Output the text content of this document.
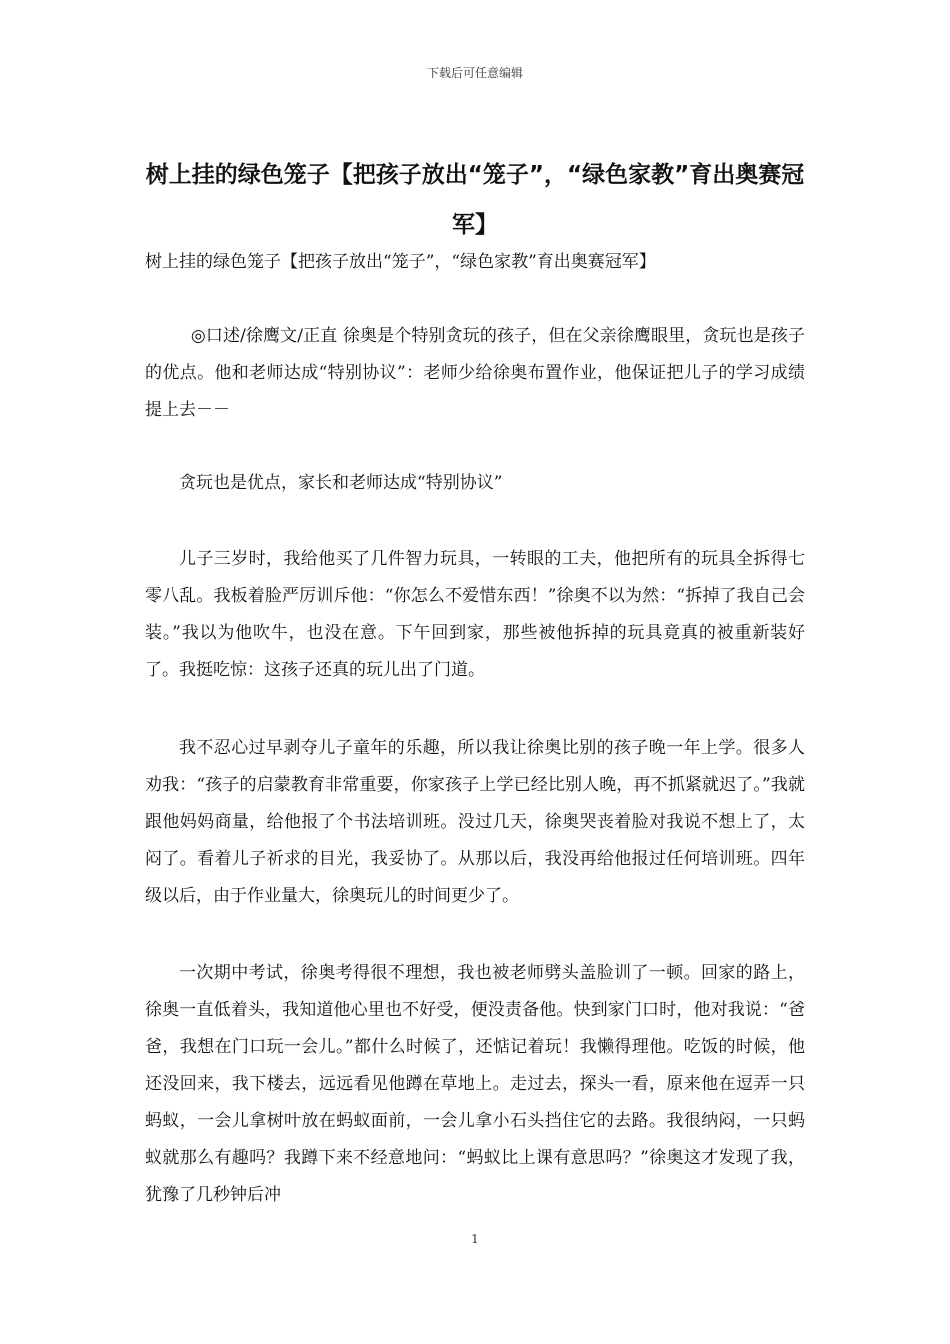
下载后可任意编辑
树上挂的绿色笼子【把孩子放出“笼子”，“绿色家教”育出奥赛冠军】
树上挂的绿色笼子【把孩子放出“笼子”，“绿色家教”育出奥赛冠军】
◎口述/徐鹰文/正直 徐奥是个特别贪玩的孩子，但在父亲徐鹰眼里，贪玩也是孩子的优点。他和老师达成“特别协议”：老师少给徐奥布置作业，他保证把儿子的学习成绩提上去－－
贪玩也是优点，家长和老师达成“特别协议”
儿子三岁时，我给他买了几件智力玩具，一转眼的工夫，他把所有的玩具全拆得七零八乱。我板着脸严厉训斥他：“你怎么不爱惜东西！”徐奥不以为然：“拆掉了我自己会装。”我以为他吹牛，也没在意。下午回到家，那些被他拆掉的玩具竟真的被重新装好了。我挺吃惊：这孩子还真的玩儿出了门道。
我不忍心过早剥夺儿子童年的乐趣，所以我让徐奥比别的孩子晚一年上学。很多人劝我：“孩子的启蒙教育非常重要，你家孩子上学已经比别人晚，再不抓紧就迟了。”我就跟他妈妈商量，给他报了个书法培训班。没过几天，徐奥哭丧着脸对我说不想上了，太闷了。看着儿子祈求的目光，我妥协了。从那以后，我没再给他报过任何培训班。四年级以后，由于作业量大，徐奥玩儿的时间更少了。
一次期中考试，徐奥考得很不理想，我也被老师劈头盖脸训了一顿。回家的路上，徐奥一直低着头，我知道他心里也不好受，便没责备他。快到家门口时，他对我说：“爸爸，我想在门口玩一会儿。”都什么时候了，还惦记着玩！我懒得理他。吃饭的时候，他还没回来，我下楼去，远远看见他蹲在草地上。走过去，探头一看，原来他在逗弄一只蚂蚁，一会儿拿树叶放在蚂蚁面前，一会儿拿小石头挡住它的去路。我很纳闷，一只蚂蚁就那么有趣吗？我蹲下来不经意地问：“蚂蚁比上课有意思吗？”徐奥这才发现了我，犹豫了几秒钟后冲
1
